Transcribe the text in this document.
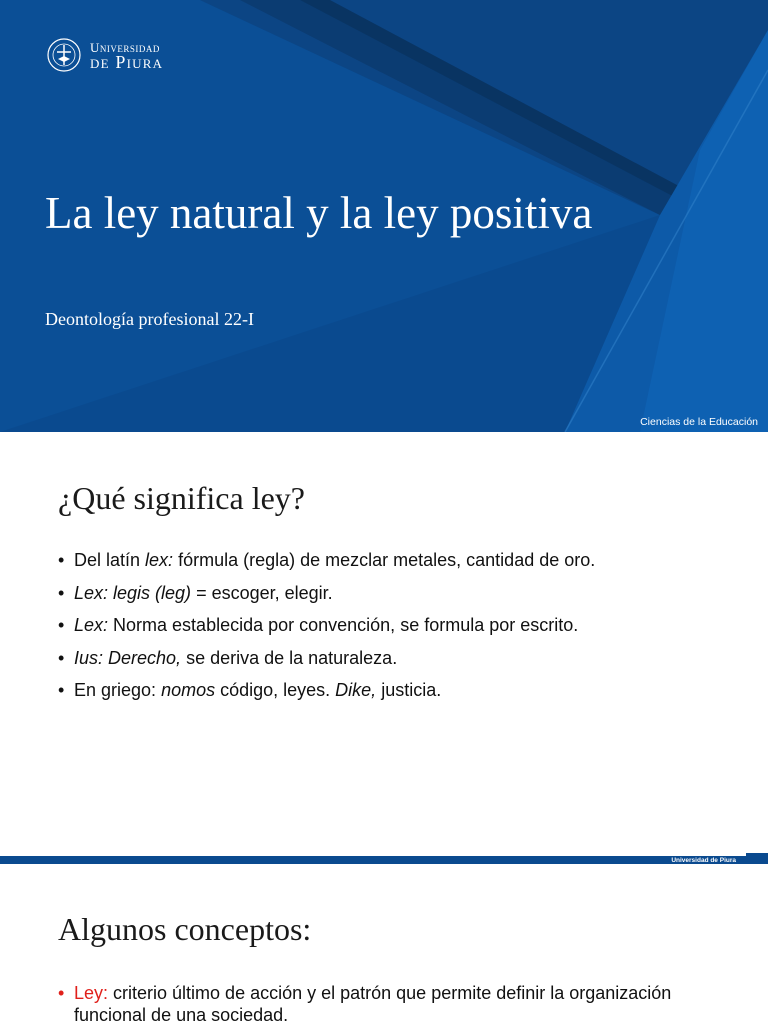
Universidad
de Piura
La ley natural y la ley positiva

Deontología profesional 22-I

Ciencias de la Educación
¿Qué significa ley?
• Del latín lex: fórmula (regla) de mezclar metales, cantidad de oro.
• Lex: legis (leg) = escoger, elegir.
• Lex: Norma establecida por convención, se formula por escrito.
• Ius: Derecho, se deriva de la naturaleza.
• En griego: nomos código, leyes. Dike, justicia.
Universidad de Piura
Algunos conceptos:
• Ley: criterio último de acción y el patrón que permite definir la organización funcional de una sociedad.
